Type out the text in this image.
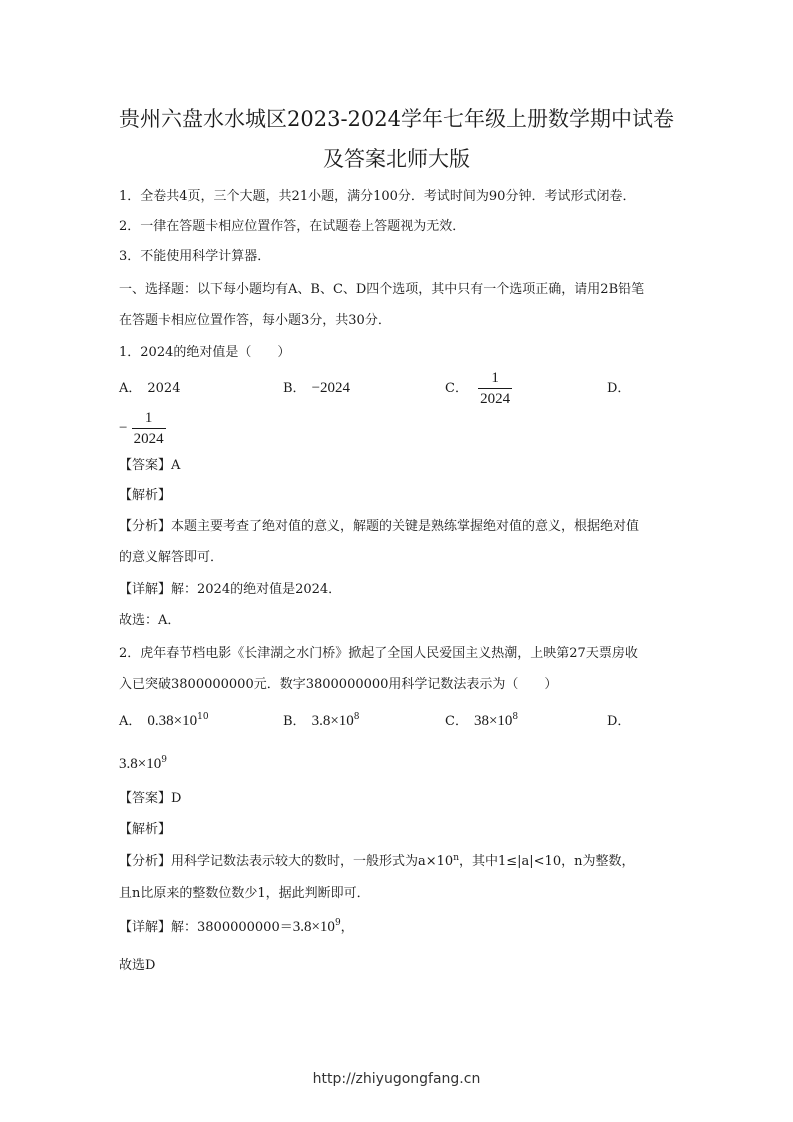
贵州六盘水水城区2023-2024学年七年级上册数学期中试卷
及答案北师大版
1．全卷共4页，三个大题，共21小题，满分100分．考试时间为90分钟．考试形式闭卷．
2．一律在答题卡相应位置作答，在试题卷上答题视为无效．
3．不能使用科学计算器．
一、选择题：以下每小题均有A、B、C、D四个选项，其中只有一个选项正确，请用2B铅笔
在答题卡相应位置作答，每小题3分，共30分．
1．2024的绝对值是（　　）
A． 2024	B． −2024	C． $\frac{1}{2024}$	D．
− $\frac{1}{2024}$
【答案】A
【解析】
【分析】本题主要考查了绝对值的意义，解题的关键是熟练掌握绝对值的意义，根据绝对值
的意义解答即可．
【详解】解：2024的绝对值是2024．
故选：A．
2．虎年春节档电影《长津湖之水门桥》掀起了全国人民爱国主义热潮，上映第27天票房收
入已突破3800000000元．数字3800000000用科学记数法表示为（　　）
A． $0.38\times 10^{10}$	B． $3.8\times 10^8$	C． $38\times 10^8$	D．
$3.8\times 10^9$
【答案】D
【解析】
【分析】用科学记数法表示较大的数时，一般形式为$a\times 10^n$，其中1≤|a|<10，n为整数，
且n比原来的整数位数少1，据此判断即可．
【详解】解：$3800000000=3.8\times 10^9$，
故选D
http://zhiyugongfang.cn
